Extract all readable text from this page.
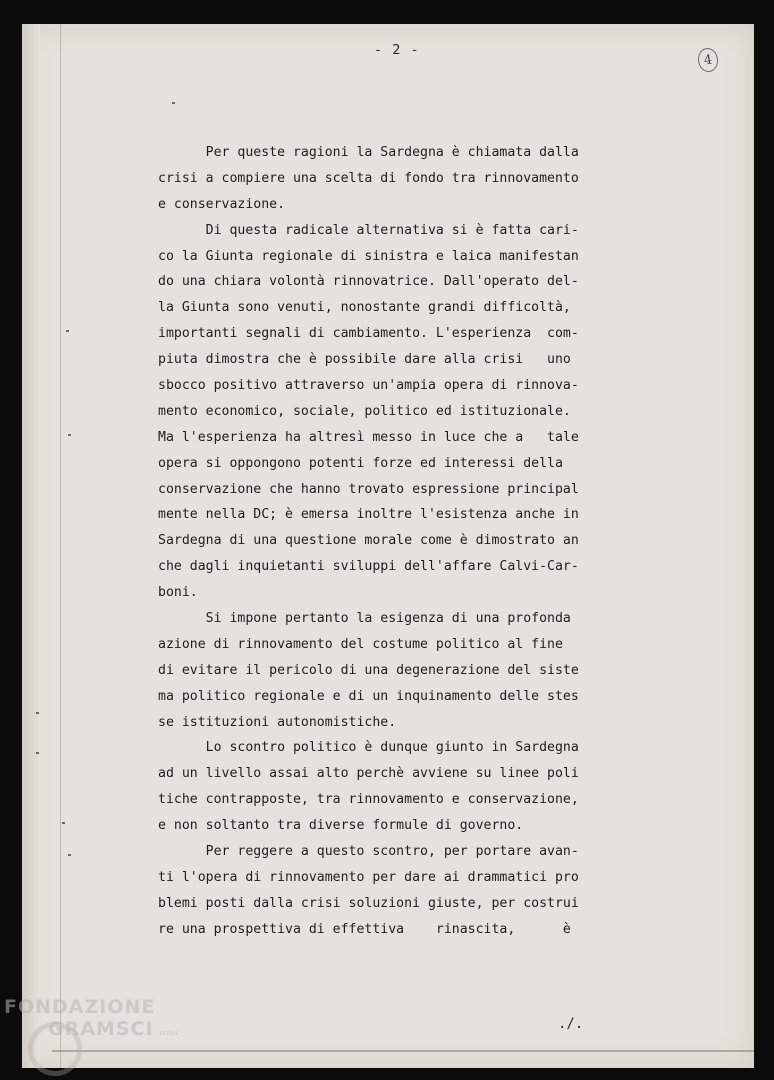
- 2 -
4
Per queste ragioni la Sardegna è chiamata dalla
crisi a compiere una scelta di fondo tra rinnovamento
e conservazione.
Di questa radicale alternativa si è fatta cari-
co la Giunta regionale di sinistra e laica manifestan
do una chiara volontà rinnovatrice. Dall'operato del-
la Giunta sono venuti, nonostante grandi difficoltà,
importanti segnali di cambiamento. L'esperienza  com-
piuta dimostra che è possibile dare alla crisi   uno
sbocco positivo attraverso un'ampia opera di rinnova-
mento economico, sociale, politico ed istituzionale.
Ma l'esperienza ha altresì messo in luce che a   tale
opera si oppongono potenti forze ed interessi della
conservazione che hanno trovato espressione principal
mente nella DC; è emersa inoltre l'esistenza anche in
Sardegna di una questione morale come è dimostrato an
che dagli inquietanti sviluppi dell'affare Calvi-Car-
boni.
Si impone pertanto la esigenza di una profonda
azione di rinnovamento del costume politico al fine
di evitare il pericolo di una degenerazione del siste
ma politico regionale e di un inquinamento delle stes
se istituzioni autonomistiche.
Lo scontro politico è dunque giunto in Sardegna
ad un livello assai alto perchè avviene su linee poli
tiche contrapposte, tra rinnovamento e conservazione,
e non soltanto tra diverse formule di governo.
Per reggere a questo scontro, per portare avan-
ti l'opera di rinnovamento per dare ai drammatici pro
blemi posti dalla crisi soluzioni giuste, per costrui
re una prospettiva di effettiva    rinascita,      è
./.
FONDAZIONE
GRAMSCI onlus
